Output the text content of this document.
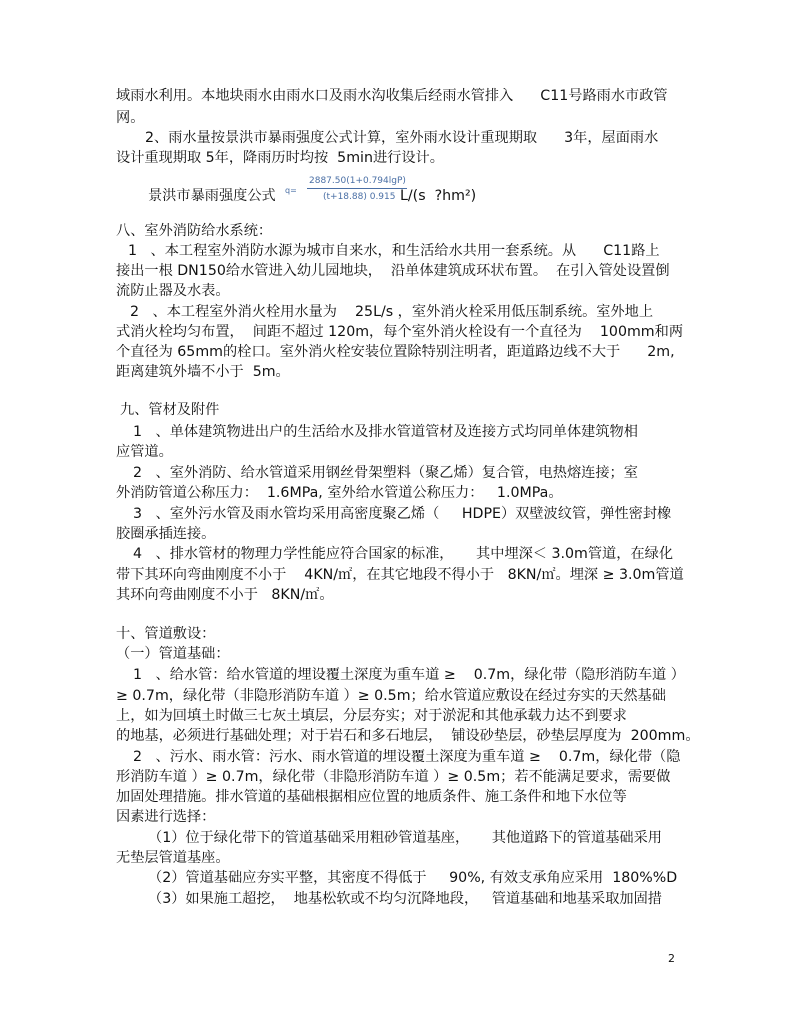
域雨水利用。本地块雨水由雨水口及雨水沟收集后经雨水管排入      C11号路雨水市政管
网。
2、雨水量按景洪市暴雨强度公式计算，室外雨水设计重现期取      3年，屋面雨水
设计重现期取 5年，降雨历时均按  5min进行设计。
八、室外消防给水系统：
1   、本工程室外消防水源为城市自来水，和生活给水共用一套系统。从      C11路上
接出一根 DN150给水管进入幼儿园地块，  沿单体建筑成环状布置。  在引入管处设置倒
流防止器及水表。
2   、本工程室外消火栓用水量为    25L/s ，室外消火栓采用低压制系统。室外地上
式消火栓均匀布置，  间距不超过 120m，每个室外消火栓设有一个直径为    100mm和两
个直径为 65mm的栓口。室外消火栓安装位置除特别注明者，距道路边线不大于      2m,
距离建筑外墙不小于  5m。
九、管材及附件
1   、单体建筑物进出户的生活给水及排水管道管材及连接方式均同单体建筑物相
应管道。
2   、室外消防、给水管道采用钢丝骨架塑料（聚乙烯）复合管，电热熔连接；室
外消防管道公称压力：  1.6MPa, 室外给水管道公称压力：   1.0MPa。
3   、室外污水管及雨水管均采用高密度聚乙烯（     HDPE）双壁波纹管，弹性密封橡
胶圈承插连接。
4   、排水管材的物理力学性能应符合国家的标准，     其中埋深＜ 3.0m管道，在绿化
带下其环向弯曲刚度不小于    4KN/㎡，在其它地段不得小于   8KN/㎡。埋深 ≥ 3.0m管道
其环向弯曲刚度不小于   8KN/㎡。
十、管道敷设：
（一）管道基础：
1   、给水管：给水管道的埋设覆土深度为重车道 ≥    0.7m，绿化带（隐形消防车道 ）
≥ 0.7m，绿化带（非隐形消防车道 ）≥ 0.5m；给水管道应敷设在经过夯实的天然基础
上，如为回填土时做三七灰土填层，分层夯实；对于淤泥和其他承载力达不到要求
的地基，必须进行基础处理；对于岩石和多石地层，  铺设砂垫层，砂垫层厚度为  200mm。
2   、污水、雨水管：污水、雨水管道的埋设覆土深度为重车道 ≥    0.7m，绿化带（隐
形消防车道 ）≥ 0.7m，绿化带（非隐形消防车道 ）≥ 0.5m；若不能满足要求，需要做
加固处理措施。排水管道的基础根据相应位置的地质条件、施工条件和地下水位等
因素进行选择：
（1）位于绿化带下的管道基础采用粗砂管道基座，     其他道路下的管道基础采用
无垫层管道基座。
（2）管道基础应夯实平整，其密度不得低于     90%, 有效支承角应采用  180%%D
（3）如果施工超挖，  地基松软或不均匀沉降地段，   管道基础和地基采取加固措
景洪市暴雨强度公式

q=

2887.50(1+0.794lgP)

(t+18.88) 0.915 L/(s  ?hm²)
2
